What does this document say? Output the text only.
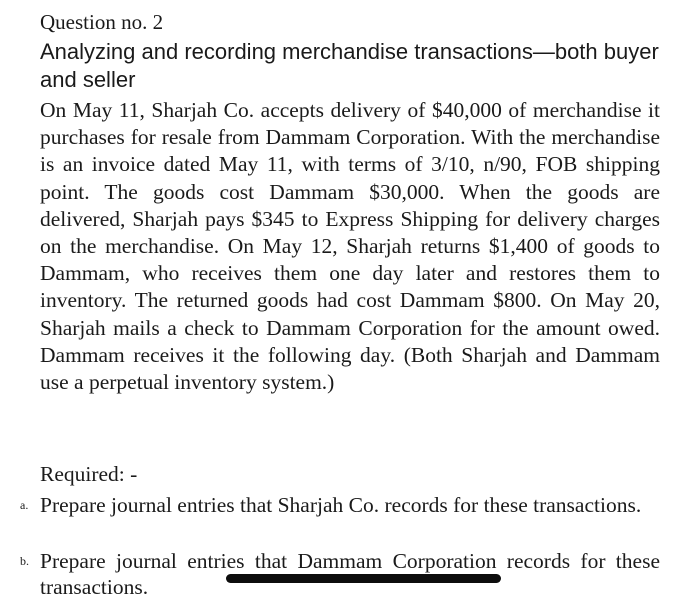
Question no. 2
Analyzing and recording merchandise transactions—both buyer and seller
On May 11, Sharjah Co. accepts delivery of $40,000 of merchandise it purchases for resale from Dammam Corporation. With the merchandise is an invoice dated May 11, with terms of 3/10, n/90, FOB shipping point. The goods cost Dammam $30,000. When the goods are delivered, Sharjah pays $345 to Express Shipping for delivery charges on the merchandise. On May 12, Sharjah returns $1,400 of goods to Dammam, who receives them one day later and restores them to inventory. The returned goods had cost Dammam $800. On May 20, Sharjah mails a check to Dammam Corporation for the amount owed. Dammam receives it the following day. (Both Sharjah and Dammam use a perpetual inventory system.)
Required: -
a. Prepare journal entries that Sharjah Co. records for these transactions.
b. Prepare journal entries that Dammam Corporation records for these transactions.
